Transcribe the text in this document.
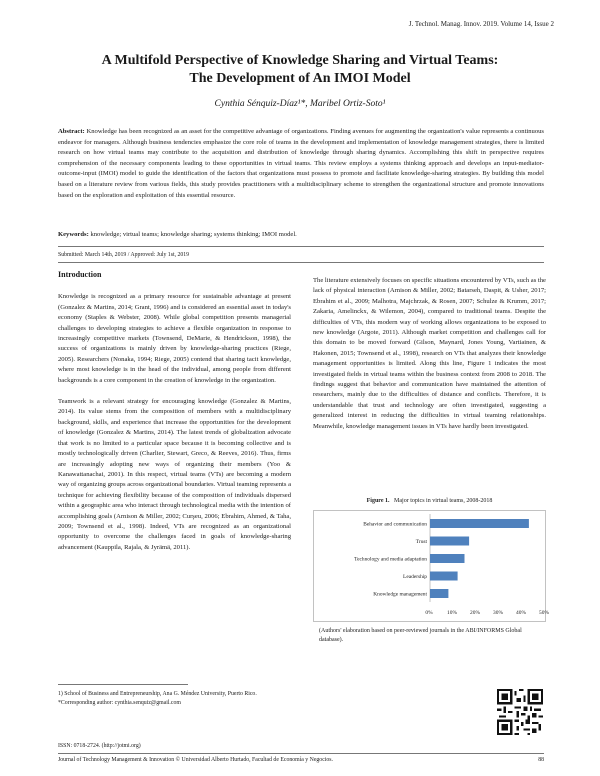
J. Technol. Manag. Innov. 2019. Volume 14, Issue 2
A Multifold Perspective of Knowledge Sharing and Virtual Teams:
The Development of An IMOI Model
Cynthia Sénquiz-Díaz¹*, Maribel Ortiz-Soto¹

Abstract: Knowledge has been recognized as an asset for the competitive advantage of organizations. Finding avenues for augmenting the organization's value represents a continuous endeavor for managers. Although business tendencies emphasize the core role of teams in the development and implementation of knowledge management strategies, there is limited research on how virtual teams may contribute to the acquisition and distribution of knowledge through sharing dynamics. Accomplishing this shift in perspective requires comprehension of the necessary components leading to these opportunities in virtual teams. This review employs a systems thinking approach and develops an input-mediator-outcome-input (IMOI) model to guide the identification of the factors that organizations must possess to promote and facilitate knowledge-sharing strategies. By building this model based on a literature review from various fields, this study provides practitioners with a multidisciplinary scheme to strengthen the organizational structure and promote innovations based on the exploration and exploitation of this essential resource.

Keywords: knowledge; virtual teams; knowledge sharing; systems thinking; IMOI model.

Submitted: March 14th, 2019 / Approved: July 1st, 2019
Introduction

Knowledge is recognized as a primary resource for sustainable advantage at present (Gonzalez & Martins, 2014; Grant, 1996) and is considered an essential asset in today's economy (Staples & Webster, 2008). While global competition presents managerial challenges to developing strategies to achieve a flexible organization in response to increasingly competitive markets (Townsend, DeMarie, & Hendrickson, 1998), the success of organizations is mainly driven by knowledge-sharing practices (Riege, 2005). Researchers (Nonaka, 1994; Riege, 2005) contend that sharing tacit knowledge, where most knowledge is in the head of the individual, among people from different backgrounds is a core component in the creation of knowledge in the organization.

Teamwork is a relevant strategy for encouraging knowledge (Gonzalez & Martins, 2014). Its value stems from the composition of members with a multidisciplinary background, skills, and experience that increase the opportunities for the development of knowledge (Gonzalez & Martins, 2014). The latest trends of globalization advocate that work is no limited to a particular space because it is becoming collective and is mostly technologically driven (Charlier, Stewart, Greco, & Reeves, 2016). Thus, firms are increasingly adopting new ways of organizing their members (Yoo & Kanawattanachai, 2001). In this respect, virtual teams (VTs) are becoming a modern way of organizing groups across organizational boundaries. Virtual teaming represents a technique for achieving flexibility because of the composition of individuals dispersed within a geographic area who interact through technological media with the intention of accomplishing goals (Arnison & Miller, 2002; Curşeu, 2006; Ebrahim, Ahmed, & Taha, 2009; Townsend et al., 1998). Indeed, VTs are recognized as an organizational opportunity to overcome the challenges faced in goals of knowledge-sharing advancement (Kauppila, Rajala, & Jyrämä, 2011).

The literature extensively focuses on specific situations encountered by VTs, such as the lack of physical interaction (Arnison & Miller, 2002; Batarseh, Daspit, & Usher, 2017; Ebrahim et al., 2009; Malhotra, Majchrzak, & Rosen, 2007; Schulze & Krumm, 2017; Zakaria, Amelinckx, & Wilemon, 2004), compared to traditional teams. Despite the difficulties of VTs, this modern way of working allows organizations to be exposed to new knowledge (Argote, 2011). Although market competition and challenges call for this domain to be moved forward (Gilson, Maynard, Jones Young, Vartiainen, & Hakonen, 2015; Townsend et al., 1998), research on VTs that analyzes their knowledge management opportunities is limited. Along this line, Figure 1 indicates the most investigated fields in virtual teams within the business context from 2008 to 2018. The findings suggest that behavior and communication have maintained the attention of researchers, mainly due to the difficulties of distance and conflicts. Therefore, it is understandable that trust and technology are often investigated, suggesting a generalized interest in reducing the difficulties in virtual teaming relationships. Meanwhile, knowledge management issues in VTs have hardly been investigated.

Figure 1. Major topics in virtual teams, 2008-2018
Behavior and communication
Trust
Technology and media adaptation
Leadership
Knowledge management
0%	10% 20% 30% 40% 50%

(Authors' elaboration based on peer-reviewed journals in the ABI/INFORMS Global database).

1) School of Business and Entrepreneurship, Ana G. Méndez University, Puerto Rico.
*Corresponding author: cynthia.senquiz@gmail.com
ISSN: 0718-2724. (http://jotmi.org)
Journal of Technology Management & Innovation © Universidad Alberto Hurtado, Facultad de Economía y Negocios.	88
